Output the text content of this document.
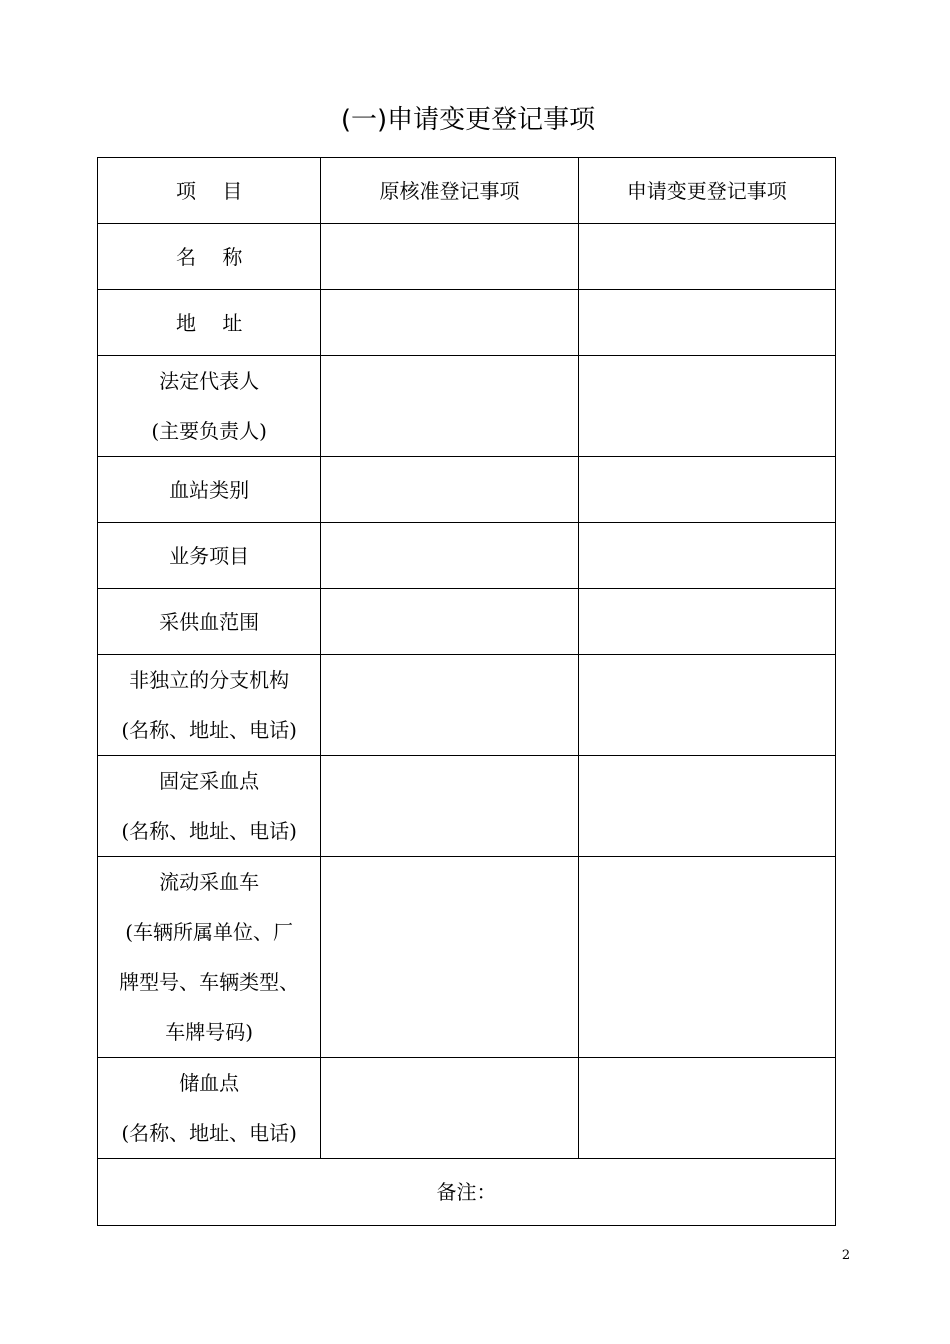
(一)申请变更登记事项
项　 目	原核准登记事项	申请变更登记事项

名　 称		

地　 址		

法定代表人
(主要负责人)		

血站类别		

业务项目		

采供血范围		

非独立的分支机构
(名称、地址、电话)		

固定采血点
(名称、地址、电话)		

流动采血车
(车辆所属单位、厂
牌型号、车辆类型、
车牌号码)		

储血点
(名称、地址、电话)		

备注：		
2
